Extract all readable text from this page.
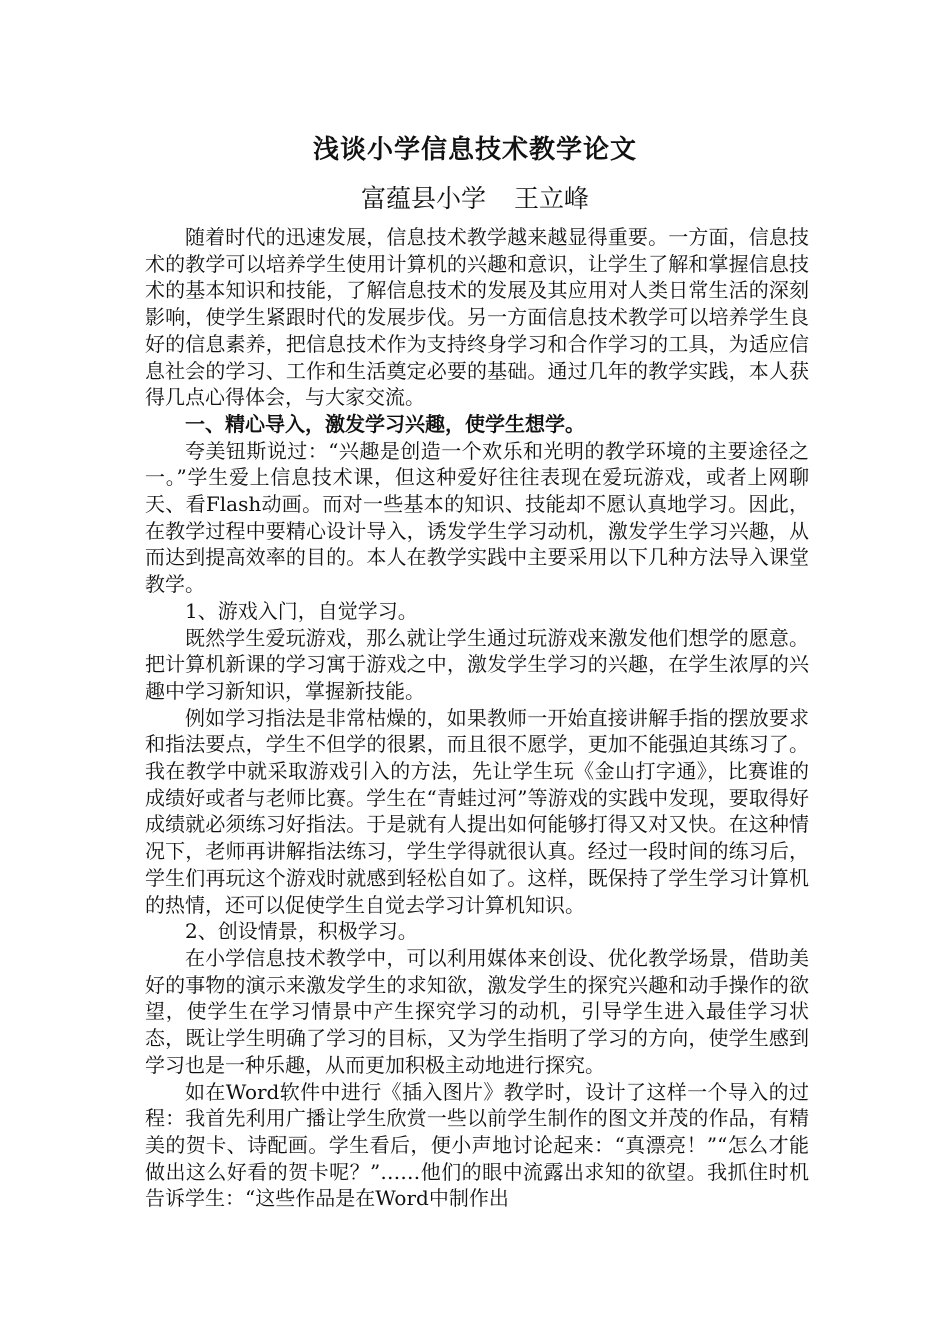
浅谈小学信息技术教学论文
富蕴县小学 王立峰

随着时代的迅速发展，信息技术教学越来越显得重要。一方面，信息技术的教学可以培养学生使用计算机的兴趣和意识，让学生了解和掌握信息技术的基本知识和技能，了解信息技术的发展及其应用对人类日常生活的深刻影响，使学生紧跟时代的发展步伐。另一方面信息技术教学可以培养学生良好的信息素养，把信息技术作为支持终身学习和合作学习的工具，为适应信息社会的学习、工作和生活奠定必要的基础。通过几年的教学实践，本人获得几点心得体会，与大家交流。

一、精心导入，激发学习兴趣，使学生想学。

夸美钮斯说过：“兴趣是创造一个欢乐和光明的教学环境的主要途径之一。”学生爱上信息技术课，但这种爱好往往表现在爱玩游戏，或者上网聊天、看Flash动画。而对一些基本的知识、技能却不愿认真地学习。因此，在教学过程中要精心设计导入，诱发学生学习动机，激发学生学习兴趣，从而达到提高效率的目的。本人在教学实践中主要采用以下几种方法导入课堂教学。

1、游戏入门，自觉学习。

既然学生爱玩游戏，那么就让学生通过玩游戏来激发他们想学的愿意。把计算机新课的学习寓于游戏之中，激发学生学习的兴趣，在学生浓厚的兴趣中学习新知识，掌握新技能。

例如学习指法是非常枯燥的，如果教师一开始直接讲解手指的摆放要求和指法要点，学生不但学的很累，而且很不愿学，更加不能强迫其练习了。我在教学中就采取游戏引入的方法，先让学生玩《金山打字通》，比赛谁的成绩好或者与老师比赛。学生在“青蛙过河”等游戏的实践中发现，要取得好成绩就必须练习好指法。于是就有人提出如何能够打得又对又快。在这种情况下，老师再讲解指法练习，学生学得就很认真。经过一段时间的练习后，学生们再玩这个游戏时就感到轻松自如了。这样，既保持了学生学习计算机的热情，还可以促使学生自觉去学习计算机知识。

2、创设情景，积极学习。

在小学信息技术教学中，可以利用媒体来创设、优化教学场景，借助美好的事物的演示来激发学生的求知欲，激发学生的探究兴趣和动手操作的欲望，使学生在学习情景中产生探究学习的动机，引导学生进入最佳学习状态，既让学生明确了学习的目标，又为学生指明了学习的方向，使学生感到学习也是一种乐趣，从而更加积极主动地进行探究。

如在Word软件中进行《插入图片》教学时，设计了这样一个导入的过程：我首先利用广播让学生欣赏一些以前学生制作的图文并茂的作品，有精美的贺卡、诗配画。学生看后，便小声地讨论起来：“真漂亮！”“怎么才能做出这么好看的贺卡呢？”……他们的眼中流露出求知的欲望。我抓住时机告诉学生：“这些作品是在Word中制作出
